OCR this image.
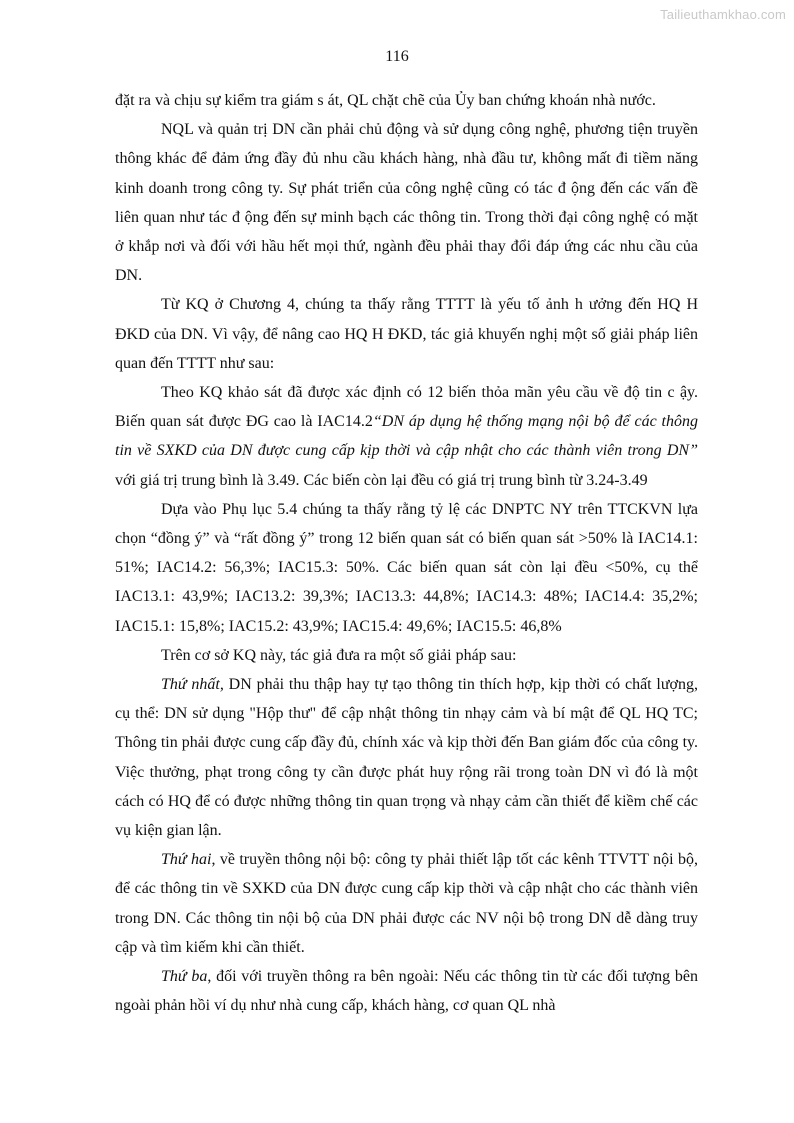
Tailieuthamkhao.com
116

đặt ra và chịu sự kiểm tra giám s át, QL chặt chẽ của Ủy ban chứng khoán nhà nước.

NQL và quản trị DN cần phải chủ động và sử dụng công nghệ, phương tiện truyền thông khác để đảm ứng đầy đủ nhu cầu khách hàng, nhà đầu tư, không mất đi tiềm năng kinh doanh trong công ty. Sự phát triển của công nghệ cũng có tác đ ộng đến các vấn đề liên quan như tác đ ộng đến sự minh bạch các thông tin. Trong thời đại công nghệ có mặt ở khắp nơi và đối với hầu hết mọi thứ, ngành đều phải thay đổi đáp ứng các nhu cầu của DN.

Từ KQ ở Chương 4, chúng ta thấy rằng TTTT là yếu tố ảnh h ưởng đến HQ H ĐKD của DN. Vì vậy, để nâng cao HQ H ĐKD, tác giả khuyến nghị một số giải pháp liên quan đến TTTT như sau:

Theo KQ khảo sát đã được xác định có 12 biến thỏa mãn yêu cầu về độ tin c ậy. Biến quan sát được ĐG cao là IAC14.2“DN áp dụng hệ thống mạng nội bộ để các thông tin về SXKD của DN được cung cấp kịp thời và cập nhật cho các thành viên trong DN” với giá trị trung bình là 3.49. Các biến còn lại đều có giá trị trung bình từ 3.24-3.49

Dựa vào Phụ lục 5.4 chúng ta thấy rằng tỷ lệ các DNPTC NY trên TTCKVN lựa chọn “đồng ý” và “rất đồng ý” trong 12 biến quan sát có biến quan sát >50% là IAC14.1: 51%; IAC14.2: 56,3%; IAC15.3: 50%. Các biến quan sát còn lại đều <50%, cụ thể IAC13.1: 43,9%; IAC13.2: 39,3%; IAC13.3: 44,8%; IAC14.3: 48%; IAC14.4: 35,2%; IAC15.1: 15,8%; IAC15.2: 43,9%; IAC15.4: 49,6%; IAC15.5: 46,8%

Trên cơ sở KQ này, tác giả đưa ra một số giải pháp sau:

Thứ nhất, DN phải thu thập hay tự tạo thông tin thích hợp, kịp thời có chất lượng, cụ thể: DN sử dụng "Hộp thư" để cập nhật thông tin nhạy cảm và bí mật để QL HQ TC; Thông tin phải được cung cấp đầy đủ, chính xác và kịp thời đến Ban giám đốc của công ty. Việc thưởng, phạt trong công ty cần được phát huy rộng rãi trong toàn DN vì đó là một cách có HQ để có được những thông tin quan trọng và nhạy cảm cần thiết để kiềm chế các vụ kiện gian lận.

Thứ hai, về truyền thông nội bộ: công ty phải thiết lập tốt các kênh TTVTT nội bộ, để các thông tin về SXKD của DN được cung cấp kịp thời và cập nhật cho các thành viên trong DN. Các thông tin nội bộ của DN phải được các NV nội bộ trong DN dễ dàng truy cập và tìm kiếm khi cần thiết.

Thứ ba, đối với truyền thông ra bên ngoài: Nếu các thông tin từ các đối tượng bên ngoài phản hồi ví dụ như nhà cung cấp, khách hàng, cơ quan QL nhà
